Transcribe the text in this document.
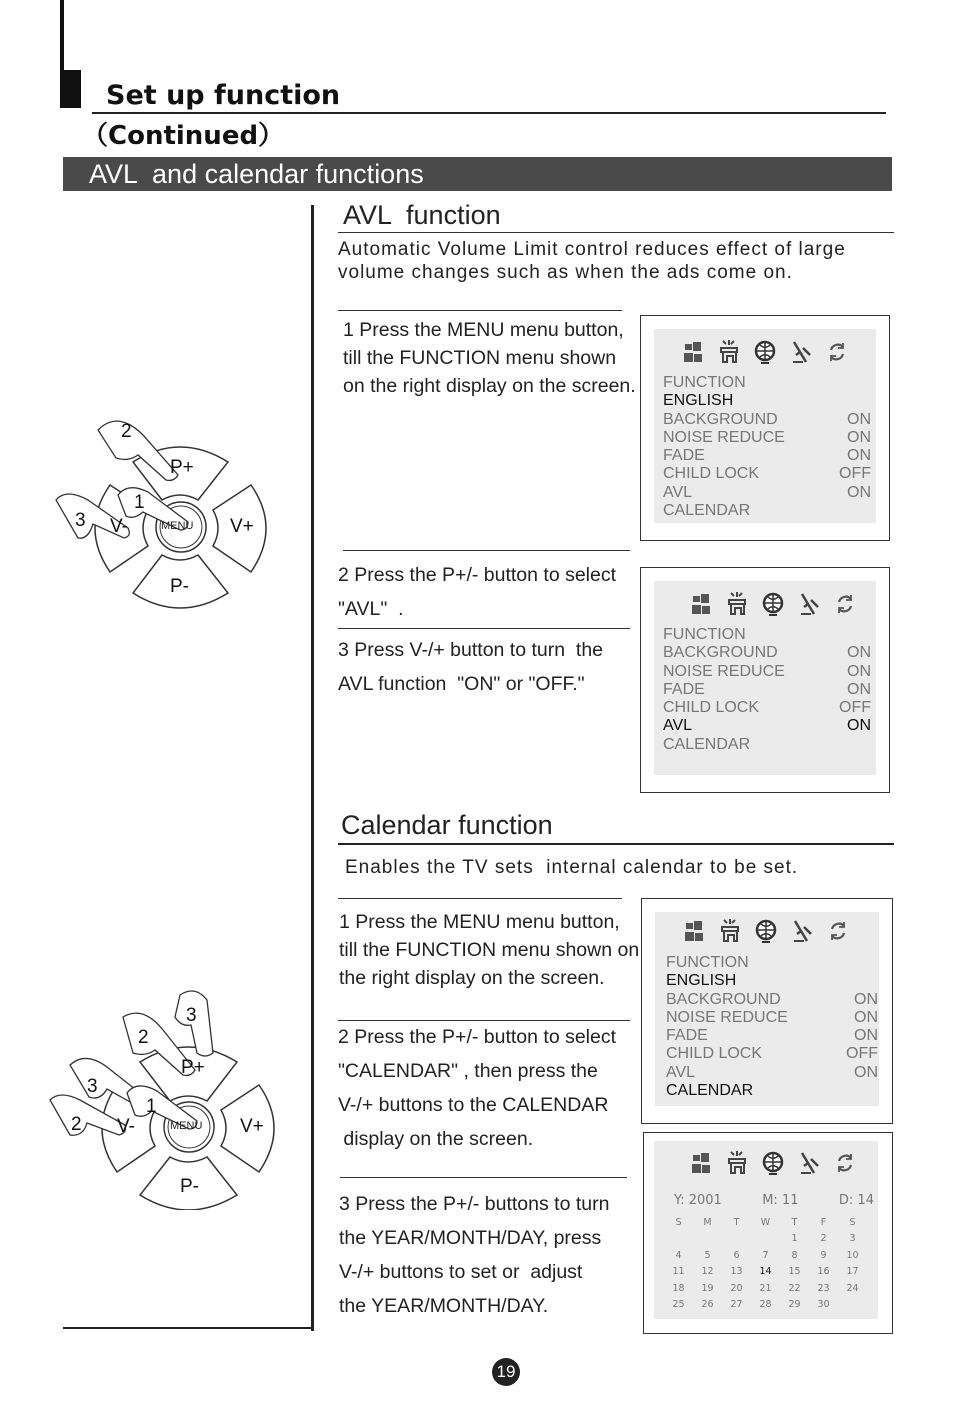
Set up function
（Continued）
AVL  and calendar functions
AVL  function
Automatic Volume Limit control reduces effect of large volume changes such as when the ads come on.
1 Press the MENU menu button, till the FUNCTION menu shown on the right display on the screen.
2 Press the P+/- button to select
"AVL"  .
3 Press V-/+ button to turn  the
AVL function  "ON" or "OFF."
FUNCTION
ENGLISH
BACKGROUND	ON
NOISE REDUCE	ON
FADE	ON
CHILD LOCK	OFF
AVL	ON
CALENDAR
FUNCTION
BACKGROUND	ON
NOISE REDUCE	ON
FADE	ON
CHILD LOCK	OFF
AVL	ON
CALENDAR
P+
P-
V-	V+
MENU
1
2
3
Calendar function
Enables the TV sets  internal calendar to be set.
1 Press the MENU menu button, till the FUNCTION menu shown on the right display on the screen.
2 Press the P+/- button to select
"CALENDAR" , then press the
V-/+ buttons to the CALENDAR
display on the screen.
3 Press the P+/- buttons to turn
the YEAR/MONTH/DAY, press
V-/+ buttons to set or  adjust
the YEAR/MONTH/DAY.
FUNCTION
ENGLISH
BACKGROUND	ON
NOISE REDUCE	ON
FADE	ON
CHILD LOCK	OFF
AVL	ON
CALENDAR
Y: 2001	M: 11	D: 14
S	M	T	W	T	F	S
				1	2	3
4	5	6	7	8	9	10
11	12	13	14	15	16	17
18	19	20	21	22	23	24
25	26	27	28	29	30	
P+
P-
V-	V+
MENU
1
2
3
3
2
19
